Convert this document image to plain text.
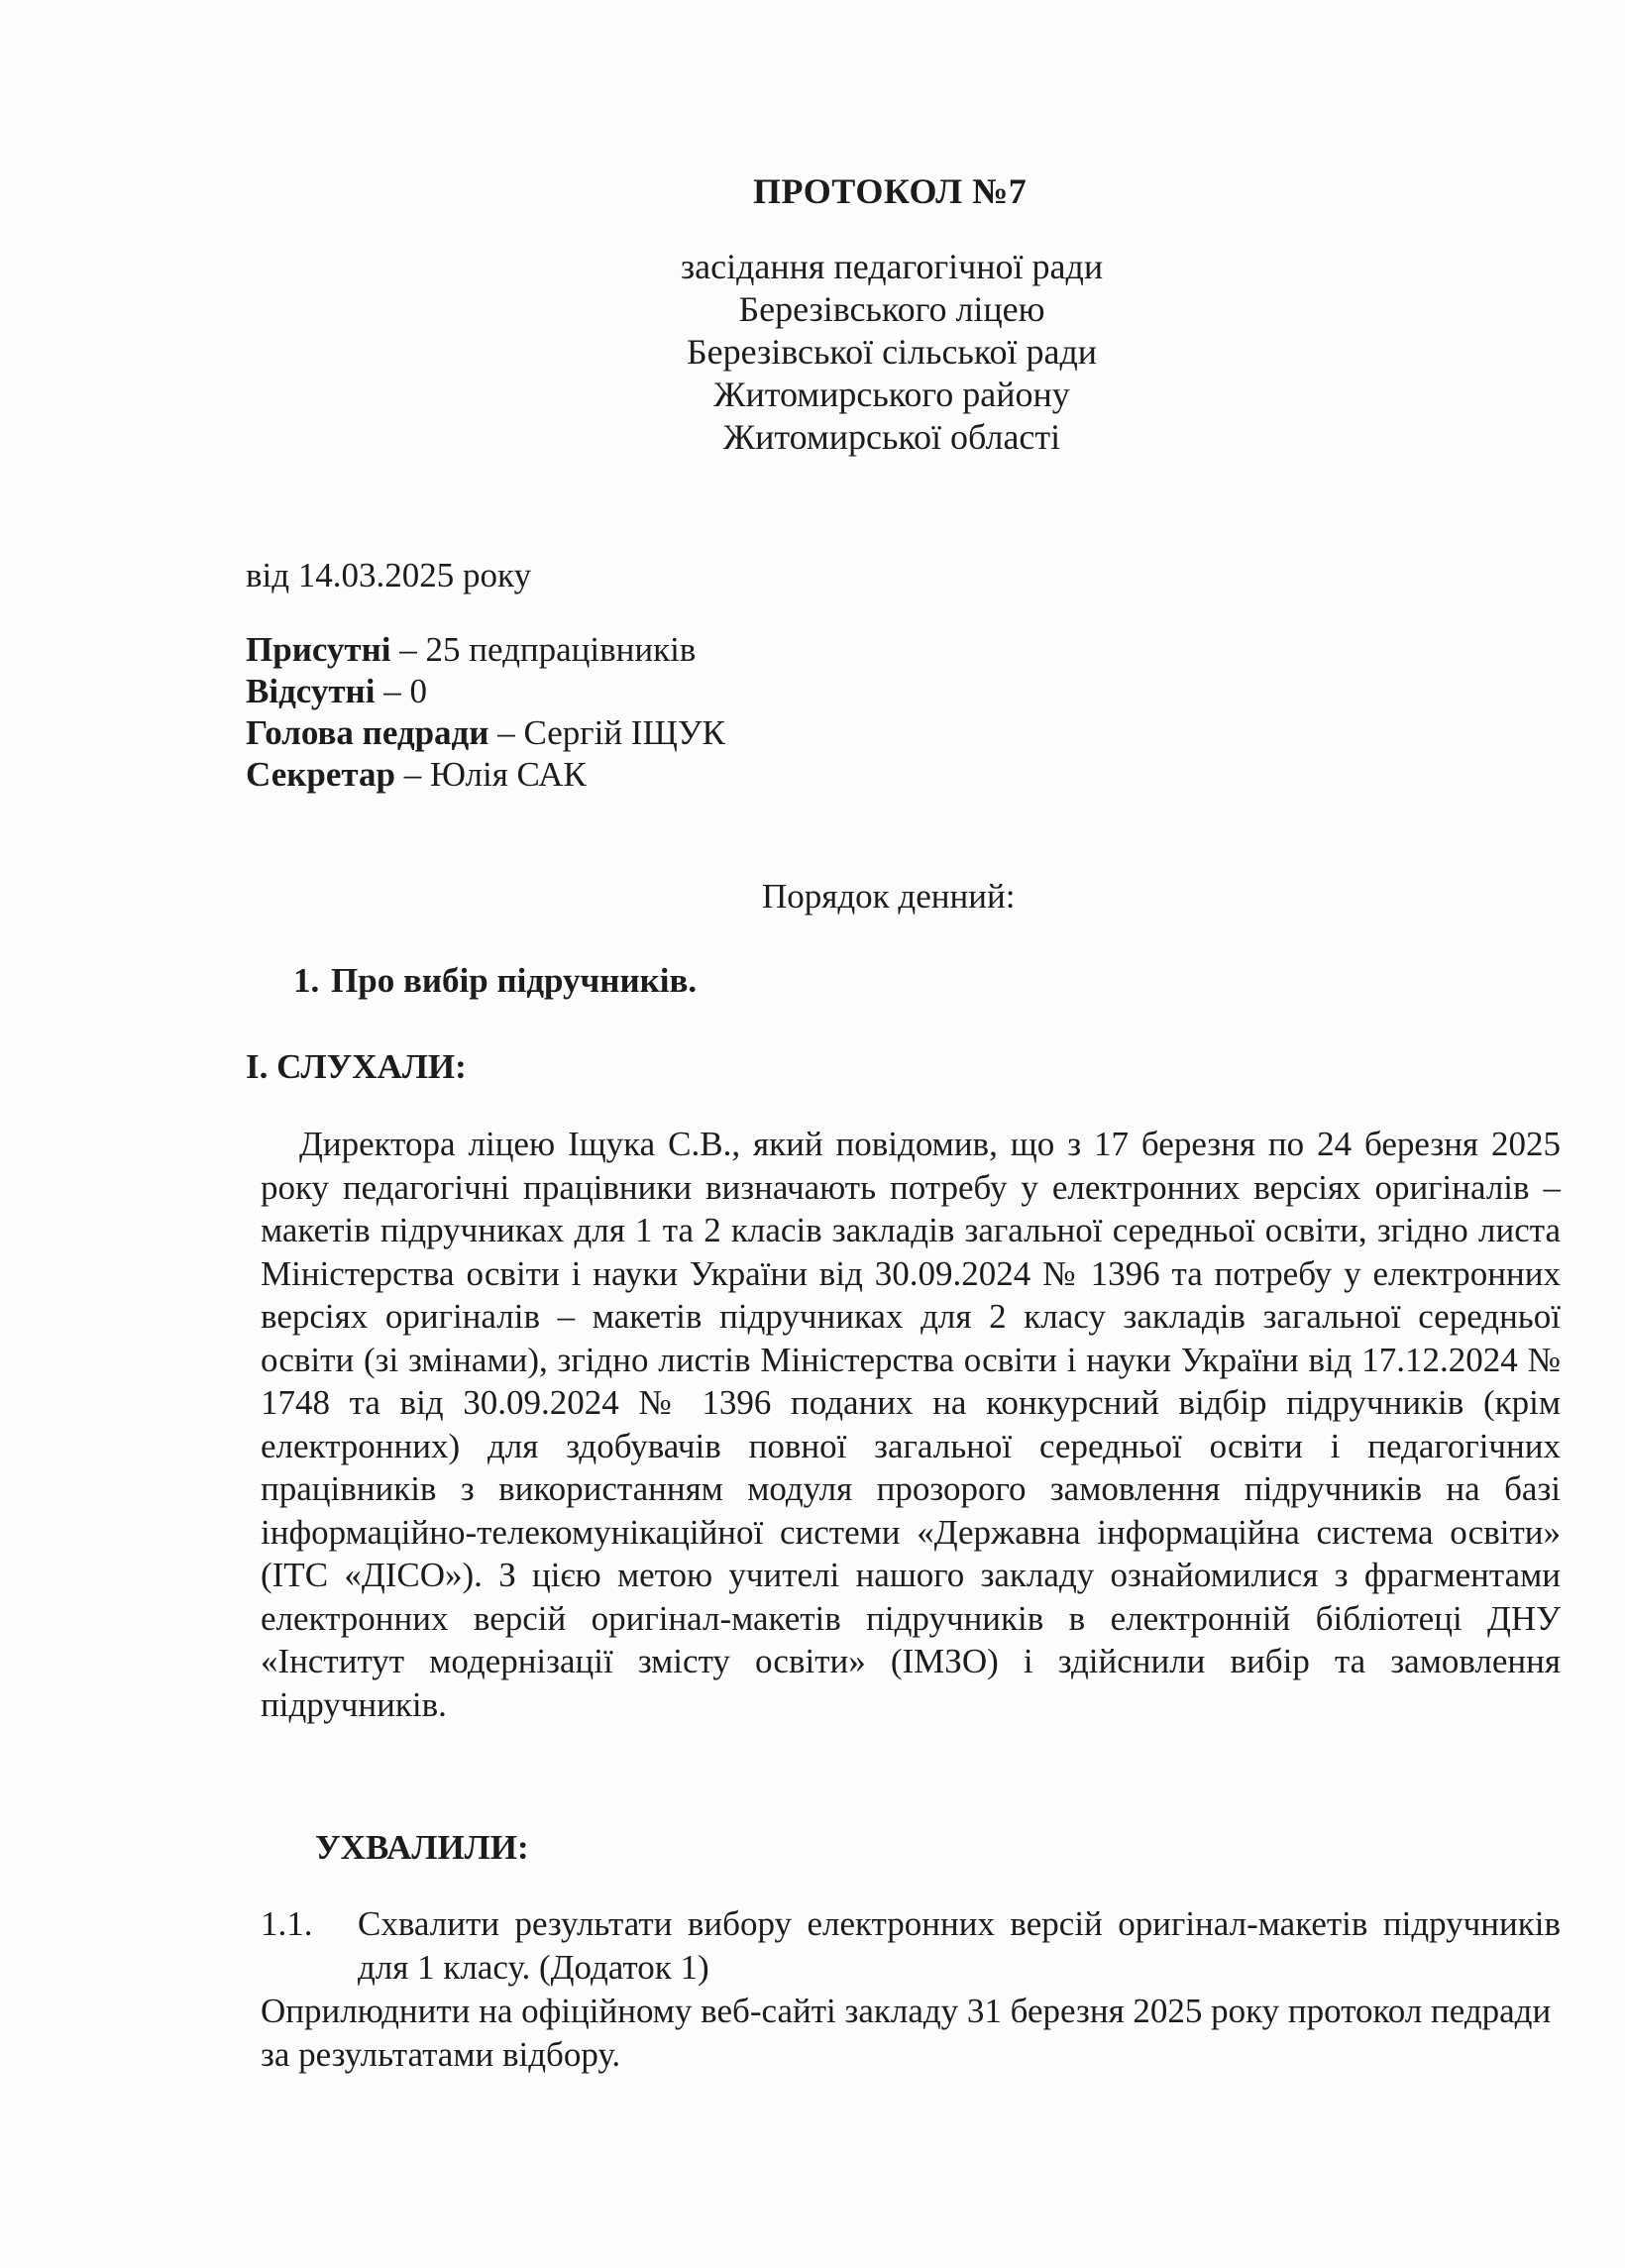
ПРОТОКОЛ №7
засідання педагогічної ради
Березівського ліцею
Березівської сільської ради
Житомирського району
Житомирської області
від 14.03.2025 року
Присутні – 25 педпрацівників
Відсутні – 0
Голова педради – Сергій ІЩУК
Секретар – Юлія САК
Порядок денний:
1. Про вибір підручників.
І. СЛУХАЛИ:
Директора ліцею Іщука С.В., який повідомив, що з 17 березня по 24 березня 2025 року педагогічні працівники визначають потребу у електронних версіях оригіналів – макетів підручниках для 1 та 2 класів закладів загальної середньої освіти, згідно листа Міністерства освіти і науки України від 30.09.2024 № 1396 та потребу у електронних версіях оригіналів – макетів підручниках для 2 класу закладів загальної середньої освіти (зі змінами), згідно листів Міністерства освіти і науки України від 17.12.2024 № 1748 та від 30.09.2024 № 1396 поданих на конкурсний відбір підручників (крім електронних) для здобувачів повної загальної середньої освіти і педагогічних працівників з використанням модуля прозорого замовлення підручників на базі інформаційно-телекомунікаційної системи «Державна інформаційна система освіти» (ІТС «ДІСО»). З цією метою учителі нашого закладу ознайомилися з фрагментами електронних версій оригінал-макетів підручників в електронній бібліотеці ДНУ «Інститут модернізації змісту освіти» (ІМЗО) і здійснили вибір та замовлення підручників.
УХВАЛИЛИ:
1.1. Схвалити результати вибору електронних версій оригінал-макетів підручників для 1 класу. (Додаток 1)
Оприлюднити на офіційному веб-сайті закладу 31 березня 2025 року протокол педради за результатами відбору.
